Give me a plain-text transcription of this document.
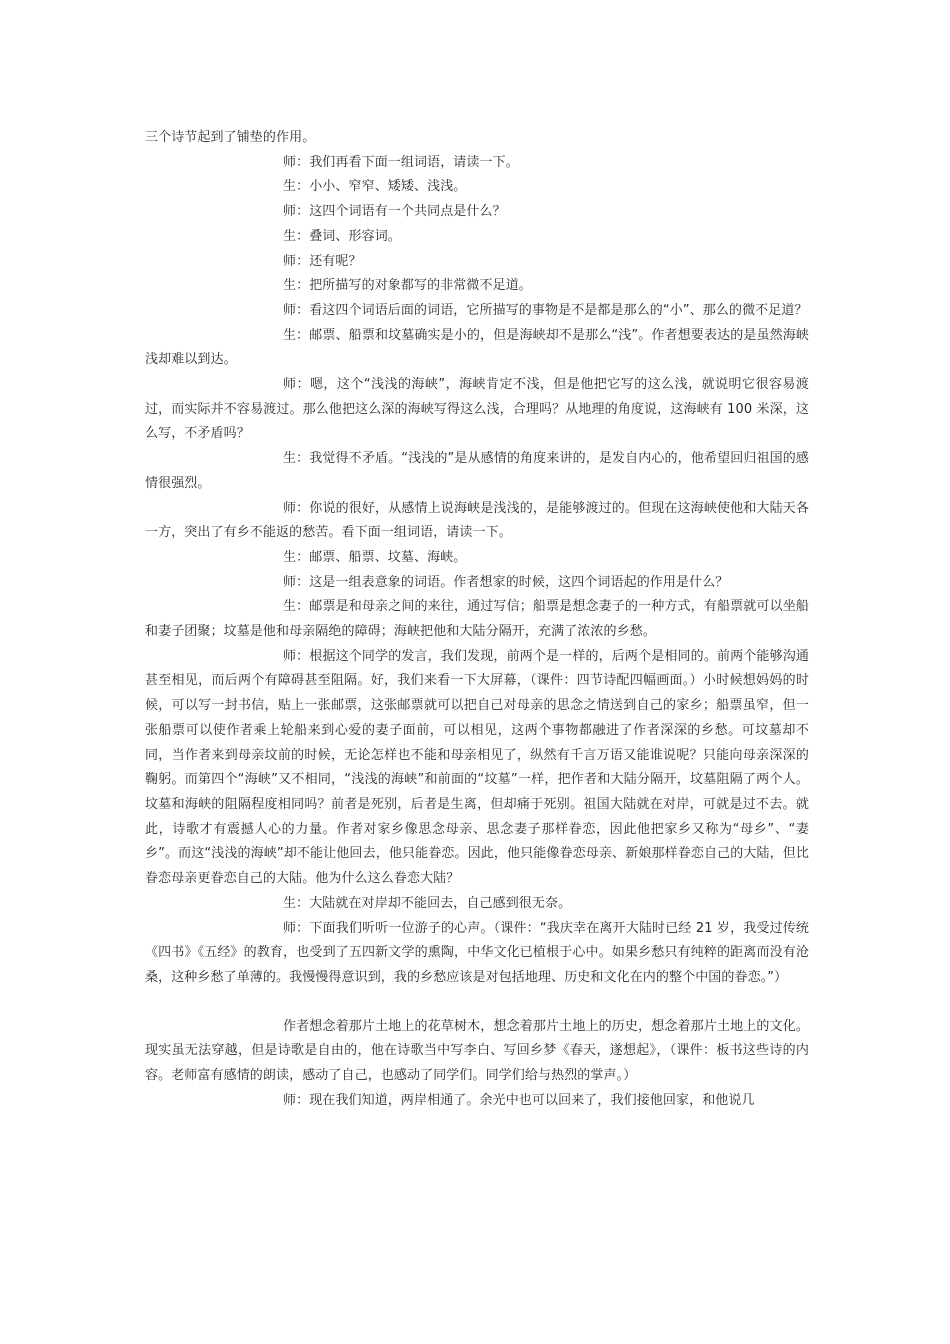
三个诗节起到了铺垫的作用。

师：我们再看下面一组词语，请读一下。

生：小小、窄窄、矮矮、浅浅。

师：这四个词语有一个共同点是什么？

生：叠词、形容词。

师：还有呢？

生：把所描写的对象都写的非常微不足道。

师：看这四个词语后面的词语，它所描写的事物是不是都是那么的“小”、那么的微不足道？

生：邮票、船票和坟墓确实是小的，但是海峡却不是那么“浅”。作者想要表达的是虽然海峡浅却难以到达。

师：嗯，这个“浅浅的海峡”，海峡肯定不浅，但是他把它写的这么浅，就说明它很容易渡过，而实际并不容易渡过。那么他把这么深的海峡写得这么浅，合理吗？从地理的角度说，这海峡有 100 米深，这么写，不矛盾吗？

生：我觉得不矛盾。“浅浅的”是从感情的角度来讲的，是发自内心的，他希望回归祖国的感情很强烈。

师：你说的很好，从感情上说海峡是浅浅的，是能够渡过的。但现在这海峡使他和大陆天各一方，突出了有乡不能返的愁苦。看下面一组词语，请读一下。

生：邮票、船票、坟墓、海峡。

师：这是一组表意象的词语。作者想家的时候，这四个词语起的作用是什么？

生：邮票是和母亲之间的来往，通过写信；船票是想念妻子的一种方式，有船票就可以坐船和妻子团聚；坟墓是他和母亲隔绝的障碍；海峡把他和大陆分隔开，充满了浓浓的乡愁。

师：根据这个同学的发言，我们发现，前两个是一样的，后两个是相同的。前两个能够沟通甚至相见，而后两个有障碍甚至阻隔。好，我们来看一下大屏幕，（课件：四节诗配四幅画面。）小时候想妈妈的时候，可以写一封书信，贴上一张邮票，这张邮票就可以把自己对母亲的思念之情送到自己的家乡；船票虽窄，但一张船票可以使作者乘上轮船来到心爱的妻子面前，可以相见，这两个事物都融进了作者深深的乡愁。可坟墓却不同，当作者来到母亲坟前的时候，无论怎样也不能和母亲相见了，纵然有千言万语又能谁说呢？只能向母亲深深的鞠躬。而第四个“海峡”又不相同，“浅浅的海峡”和前面的“坟墓”一样，把作者和大陆分隔开，坟墓阻隔了两个人。坟墓和海峡的阻隔程度相同吗？前者是死别，后者是生离，但却痛于死别。祖国大陆就在对岸，可就是过不去。就此，诗歌才有震撼人心的力量。作者对家乡像思念母亲、思念妻子那样眷恋，因此他把家乡又称为“母乡”、“妻乡”。而这“浅浅的海峡”却不能让他回去，他只能眷恋。因此，他只能像眷恋母亲、新娘那样眷恋自己的大陆，但比眷恋母亲更眷恋自己的大陆。他为什么这么眷恋大陆？

生：大陆就在对岸却不能回去，自己感到很无奈。

师：下面我们听听一位游子的心声。（课件：“我庆幸在离开大陆时已经 21 岁，我受过传统《四书》《五经》的教育，也受到了五四新文学的熏陶，中华文化已植根于心中。如果乡愁只有纯粹的距离而没有沧桑，这种乡愁了单薄的。我慢慢得意识到，我的乡愁应该是对包括地理、历史和文化在内的整个中国的眷恋。”）

作者想念着那片土地上的花草树木，想念着那片土地上的历史，想念着那片土地上的文化。现实虽无法穿越，但是诗歌是自由的，他在诗歌当中写李白、写回乡梦《春天，遂想起》，（课件：板书这些诗的内容。老师富有感情的朗读，感动了自己，也感动了同学们。同学们给与热烈的掌声。）

师：现在我们知道，两岸相通了。余光中也可以回来了，我们接他回家，和他说几
